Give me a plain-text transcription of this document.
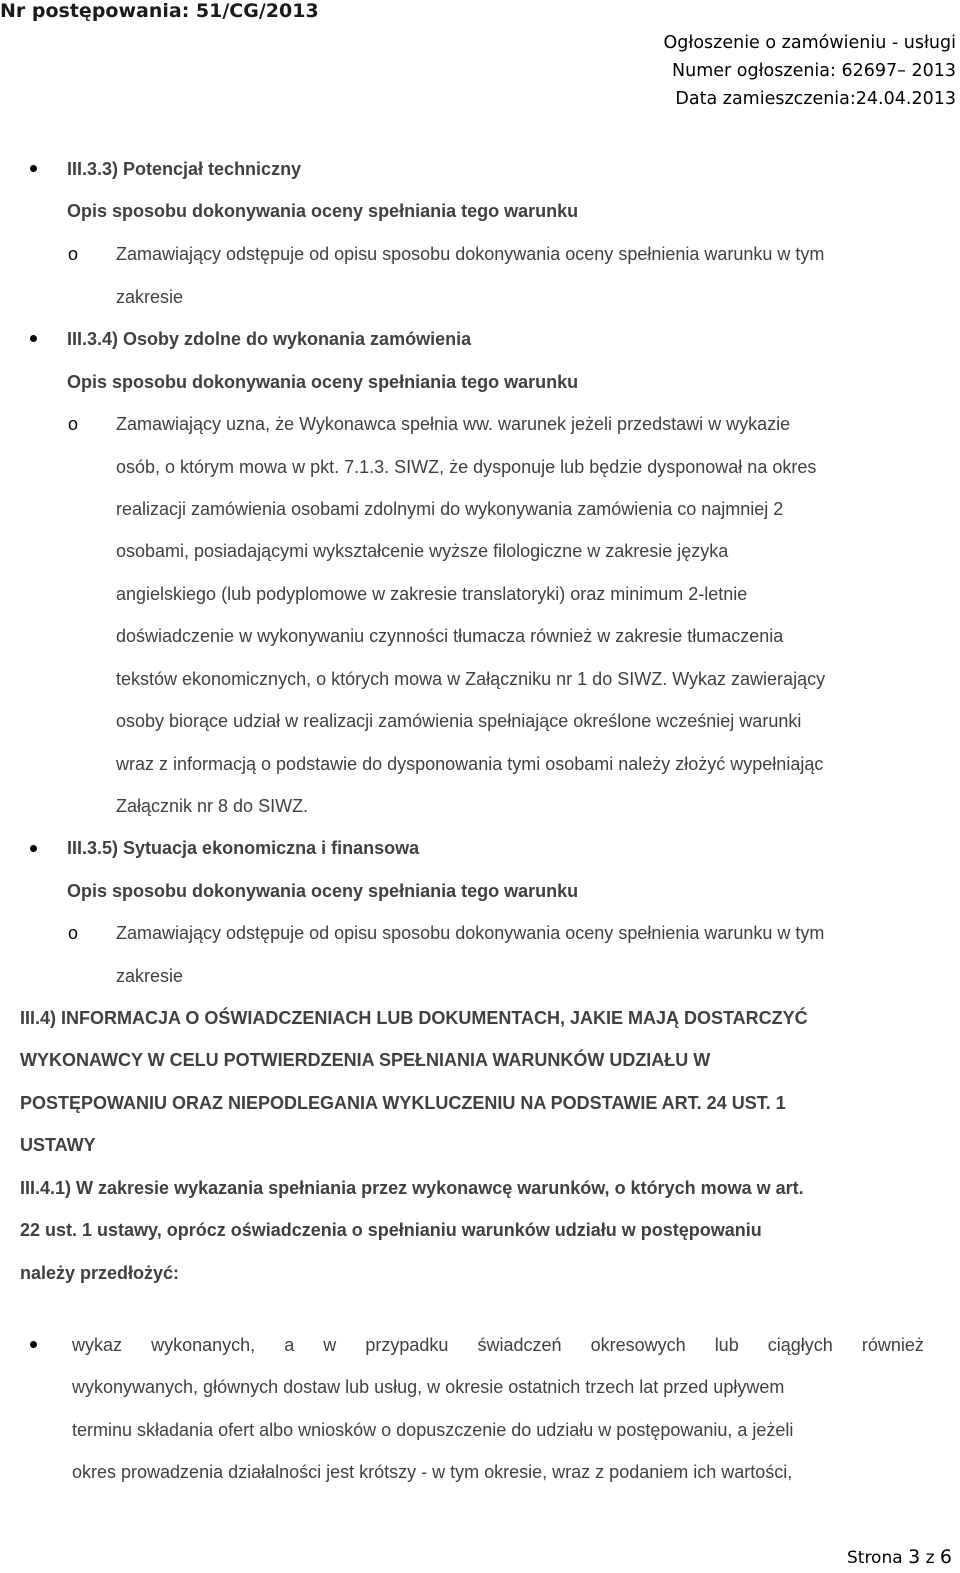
Nr postępowania: 51/CG/2013
Ogłoszenie o zamówieniu - usługi
Numer ogłoszenia: 62697– 2013
Data zamieszczenia:24.04.2013
III.3.3) Potencjał techniczny
Opis sposobu dokonywania oceny spełniania tego warunku
o Zamawiający odstępuje od opisu sposobu dokonywania oceny spełnienia warunku w tym
zakresie
III.3.4) Osoby zdolne do wykonania zamówienia
Opis sposobu dokonywania oceny spełniania tego warunku
o Zamawiający uzna, że Wykonawca spełnia ww. warunek jeżeli przedstawi w wykazie
osób, o którym mowa w pkt. 7.1.3. SIWZ, że dysponuje lub będzie dysponował na okres
realizacji zamówienia osobami zdolnymi do wykonywania zamówienia co najmniej 2
osobami, posiadającymi wykształcenie wyższe filologiczne w zakresie języka
angielskiego (lub podyplomowe w zakresie translatoryki) oraz minimum 2-letnie
doświadczenie w wykonywaniu czynności tłumacza również w zakresie tłumaczenia
tekstów ekonomicznych, o których mowa w Załączniku nr 1 do SIWZ. Wykaz zawierający
osoby biorące udział w realizacji zamówienia spełniające określone wcześniej warunki
wraz z informacją o podstawie do dysponowania tymi osobami należy złożyć wypełniając
Załącznik nr 8 do SIWZ.
III.3.5) Sytuacja ekonomiczna i finansowa
Opis sposobu dokonywania oceny spełniania tego warunku
o Zamawiający odstępuje od opisu sposobu dokonywania oceny spełnienia warunku w tym
zakresie
III.4) INFORMACJA O OŚWIADCZENIACH LUB DOKUMENTACH, JAKIE MAJĄ DOSTARCZYĆ
WYKONAWCY W CELU POTWIERDZENIA SPEŁNIANIA WARUNKÓW UDZIAŁU W
POSTĘPOWANIU ORAZ NIEPODLEGANIA WYKLUCZENIU NA PODSTAWIE ART. 24 UST. 1
USTAWY
III.4.1) W zakresie wykazania spełniania przez wykonawcę warunków, o których mowa w art.
22 ust. 1 ustawy, oprócz oświadczenia o spełnianiu warunków udziału w postępowaniu
należy przedłożyć:
wykaz wykonanych, a w przypadku świadczeń okresowych lub ciągłych również
wykonywanych, głównych dostaw lub usług, w okresie ostatnich trzech lat przed upływem
terminu składania ofert albo wniosków o dopuszczenie do udziału w postępowaniu, a jeżeli
okres prowadzenia działalności jest krótszy - w tym okresie, wraz z podaniem ich wartości,
Strona 3 z 6
